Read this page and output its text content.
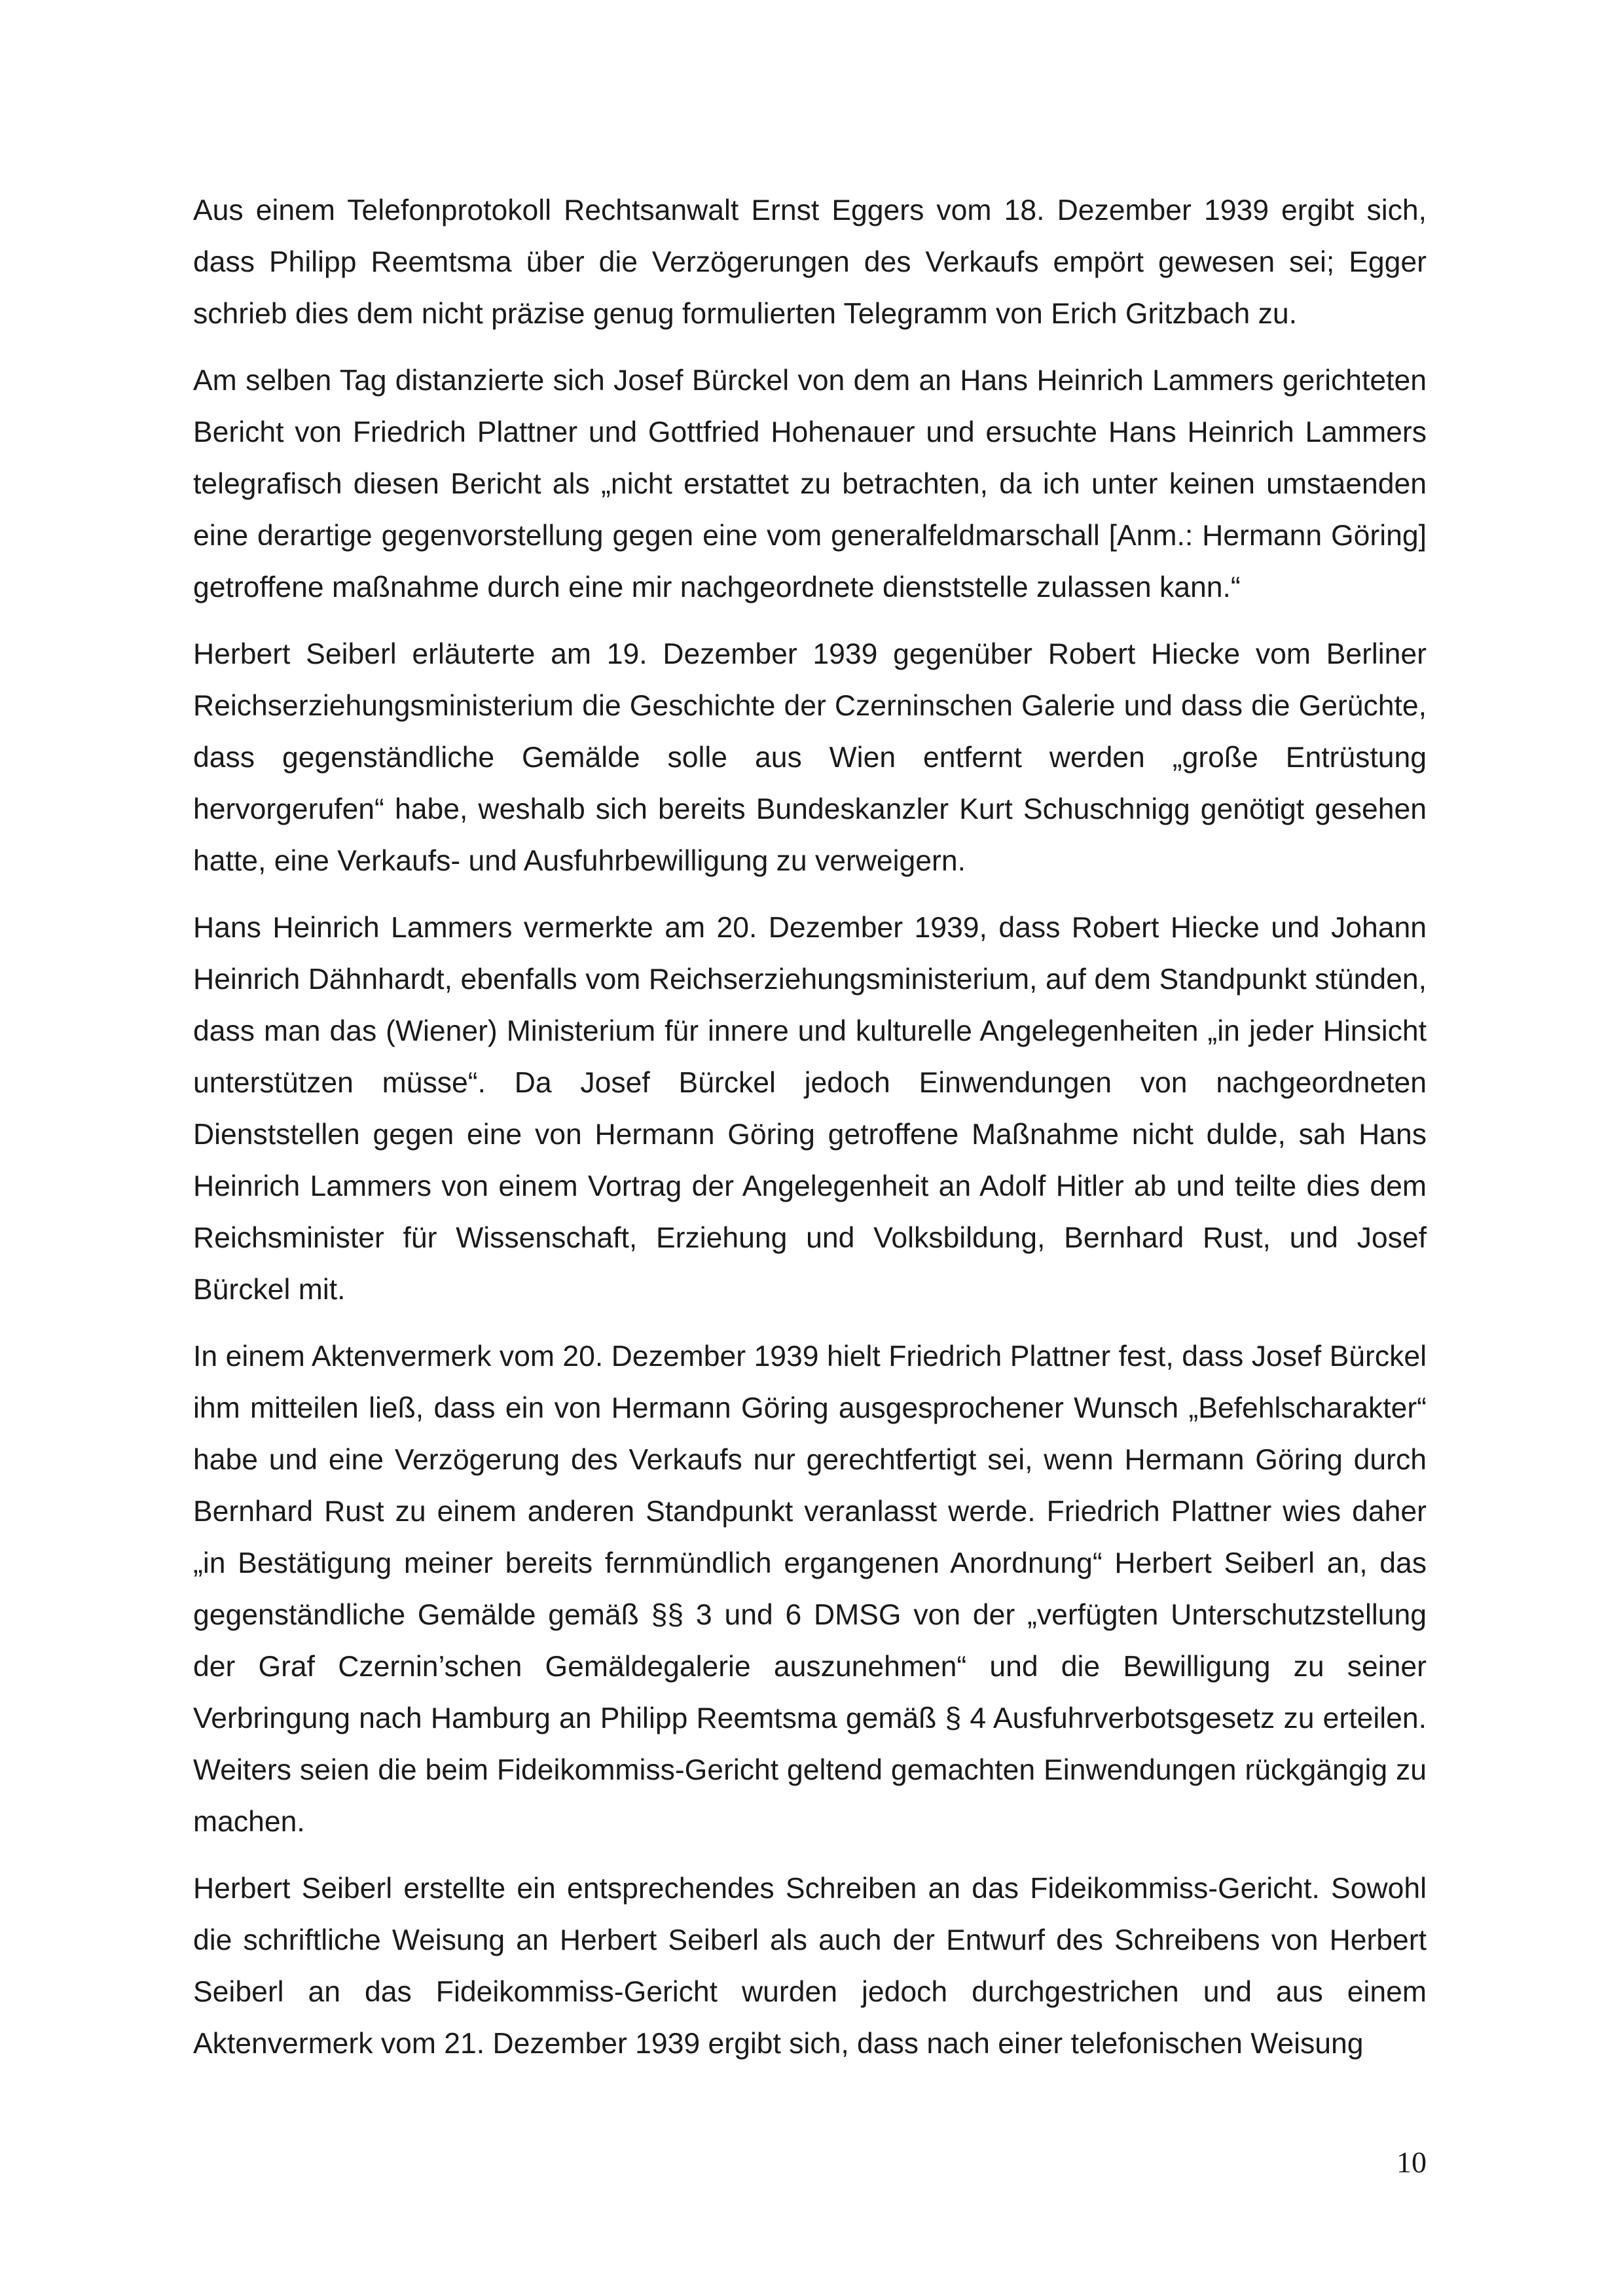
Aus einem Telefonprotokoll Rechtsanwalt Ernst Eggers vom 18. Dezember 1939 ergibt sich, dass Philipp Reemtsma über die Verzögerungen des Verkaufs empört gewesen sei; Egger schrieb dies dem nicht präzise genug formulierten Telegramm von Erich Gritzbach zu.

Am selben Tag distanzierte sich Josef Bürckel von dem an Hans Heinrich Lammers gerichteten Bericht von Friedrich Plattner und Gottfried Hohenauer und ersuchte Hans Heinrich Lammers telegrafisch diesen Bericht als „nicht erstattet zu betrachten, da ich unter keinen umstaenden eine derartige gegenvorstellung gegen eine vom generalfeldmarschall [Anm.: Hermann Göring] getroffene maßnahme durch eine mir nachgeordnete dienststelle zulassen kann.“

Herbert Seiberl erläuterte am 19. Dezember 1939 gegenüber Robert Hiecke vom Berliner Reichserziehungsministerium die Geschichte der Czerninschen Galerie und dass die Gerüchte, dass gegenständliche Gemälde solle aus Wien entfernt werden „große Entrüstung hervorgerufen“ habe, weshalb sich bereits Bundeskanzler Kurt Schuschnigg genötigt gesehen hatte, eine Verkaufs- und Ausfuhrbewilligung zu verweigern.

Hans Heinrich Lammers vermerkte am 20. Dezember 1939, dass Robert Hiecke und Johann Heinrich Dähnhardt, ebenfalls vom Reichserziehungsministerium, auf dem Standpunkt stünden, dass man das (Wiener) Ministerium für innere und kulturelle Angelegenheiten „in jeder Hinsicht unterstützen müsse“. Da Josef Bürckel jedoch Einwendungen von nachgeordneten Dienststellen gegen eine von Hermann Göring getroffene Maßnahme nicht dulde, sah Hans Heinrich Lammers von einem Vortrag der Angelegenheit an Adolf Hitler ab und teilte dies dem Reichsminister für Wissenschaft, Erziehung und Volksbildung, Bernhard Rust, und Josef Bürckel mit.

In einem Aktenvermerk vom 20. Dezember 1939 hielt Friedrich Plattner fest, dass Josef Bürckel ihm mitteilen ließ, dass ein von Hermann Göring ausgesprochener Wunsch „Befehlscharakter“ habe und eine Verzögerung des Verkaufs nur gerechtfertigt sei, wenn Hermann Göring durch Bernhard Rust zu einem anderen Standpunkt veranlasst werde. Friedrich Plattner wies daher „in Bestätigung meiner bereits fernmündlich ergangenen Anordnung“ Herbert Seiberl an, das gegenständliche Gemälde gemäß §§ 3 und 6 DMSG von der „verfügten Unterschutzstellung der Graf Czernin’schen Gemäldegalerie auszunehmen“ und die Bewilligung zu seiner Verbringung nach Hamburg an Philipp Reemtsma gemäß § 4 Ausfuhrverbotsgesetz zu erteilen. Weiters seien die beim Fideikommiss-Gericht geltend gemachten Einwendungen rückgängig zu machen.

Herbert Seiberl erstellte ein entsprechendes Schreiben an das Fideikommiss-Gericht. Sowohl die schriftliche Weisung an Herbert Seiberl als auch der Entwurf des Schreibens von Herbert Seiberl an das Fideikommiss-Gericht wurden jedoch durchgestrichen und aus einem Aktenvermerk vom 21. Dezember 1939 ergibt sich, dass nach einer telefonischen Weisung

10
